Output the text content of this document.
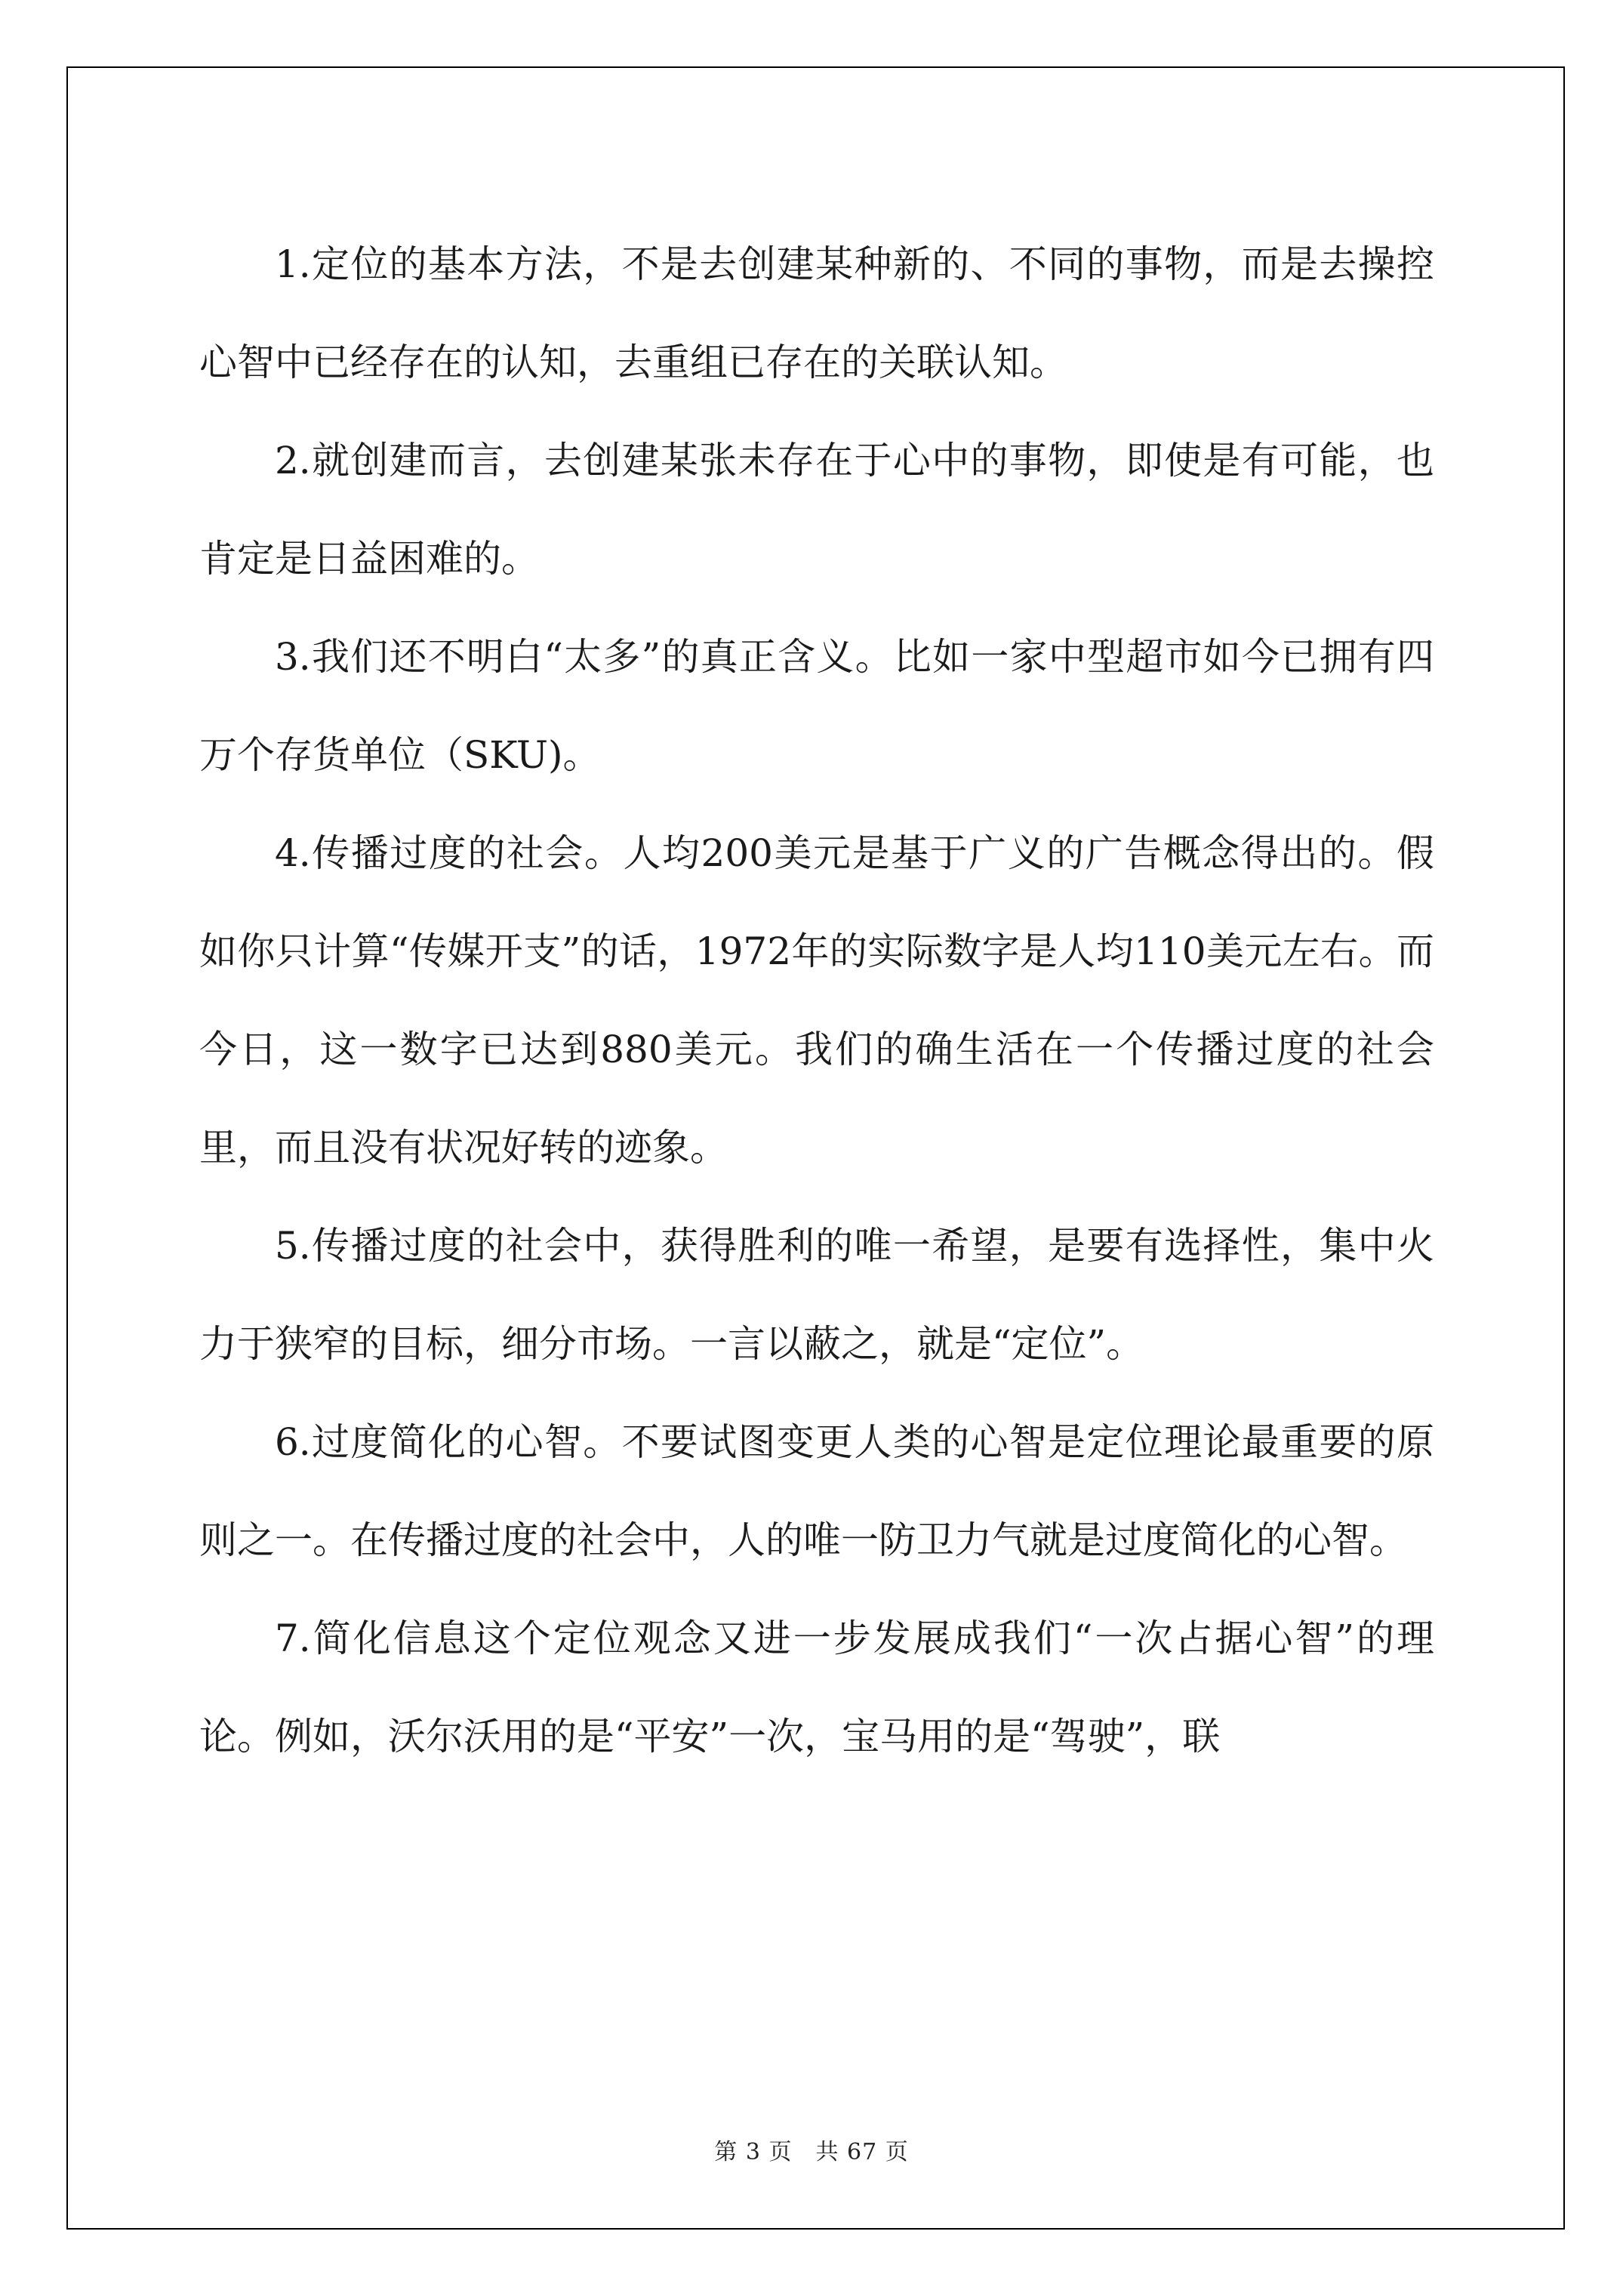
1.定位的基本方法，不是去创建某种新的、不同的事物，而是去操控心智中已经存在的认知，去重组已存在的关联认知。

2.就创建而言，去创建某张未存在于心中的事物，即使是有可能，也肯定是日益困难的。

3.我们还不明白“太多”的真正含义。比如一家中型超市如今已拥有四万个存货单位（SKU)。

4.传播过度的社会。人均200美元是基于广义的广告概念得出的。假如你只计算“传媒开支”的话，1972年的实际数字是人均110美元左右。而今日，这一数字已达到880美元。我们的确生活在一个传播过度的社会里，而且没有状况好转的迹象。

5.传播过度的社会中，获得胜利的唯一希望，是要有选择性，集中火力于狭窄的目标，细分市场。一言以蔽之，就是“定位”。

6.过度简化的心智。不要试图变更人类的心智是定位理论最重要的原则之一。在传播过度的社会中，人的唯一防卫力气就是过度简化的心智。

7.简化信息这个定位观念又进一步发展成我们“一次占据心智”的理论。例如，沃尔沃用的是“平安”一次，宝马用的是“驾驶”，联

第 3 页　共 67 页
